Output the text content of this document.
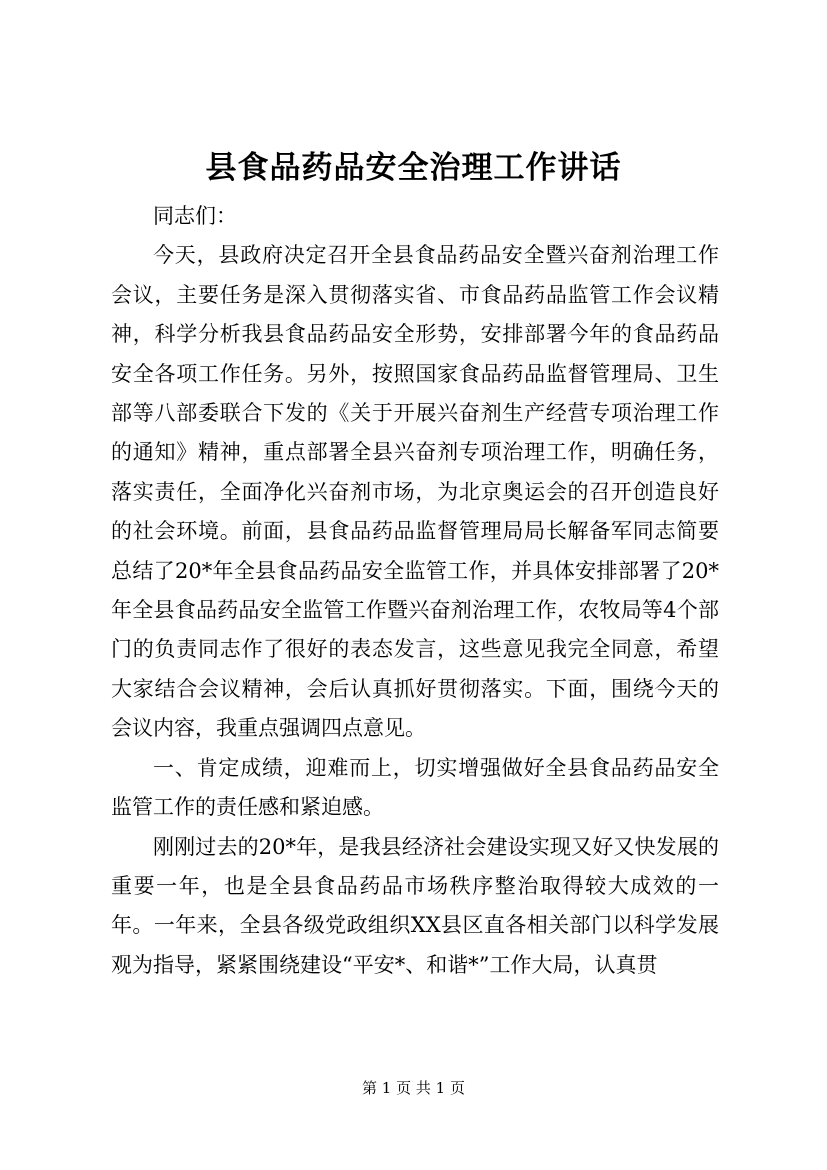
县食品药品安全治理工作讲话

同志们：

今天，县政府决定召开全县食品药品安全暨兴奋剂治理工作会议，主要任务是深入贯彻落实省、市食品药品监管工作会议精神，科学分析我县食品药品安全形势，安排部署今年的食品药品安全各项工作任务。另外，按照国家食品药品监督管理局、卫生部等八部委联合下发的《关于开展兴奋剂生产经营专项治理工作的通知》精神，重点部署全县兴奋剂专项治理工作，明确任务，落实责任，全面净化兴奋剂市场，为北京奥运会的召开创造良好的社会环境。前面，县食品药品监督管理局局长解备军同志简要总结了20*年全县食品药品安全监管工作，并具体安排部署了20*年全县食品药品安全监管工作暨兴奋剂治理工作，农牧局等4个部门的负责同志作了很好的表态发言，这些意见我完全同意，希望大家结合会议精神，会后认真抓好贯彻落实。下面，围绕今天的会议内容，我重点强调四点意见。

一、肯定成绩，迎难而上，切实增强做好全县食品药品安全监管工作的责任感和紧迫感。

刚刚过去的20*年，是我县经济社会建设实现又好又快发展的重要一年，也是全县食品药品市场秩序整治取得较大成效的一年。一年来，全县各级党政组织XX县区直各相关部门以科学发展观为指导，紧紧围绕建设“平安*、和谐*”工作大局，认真贯

第 1 页 共 1 页
